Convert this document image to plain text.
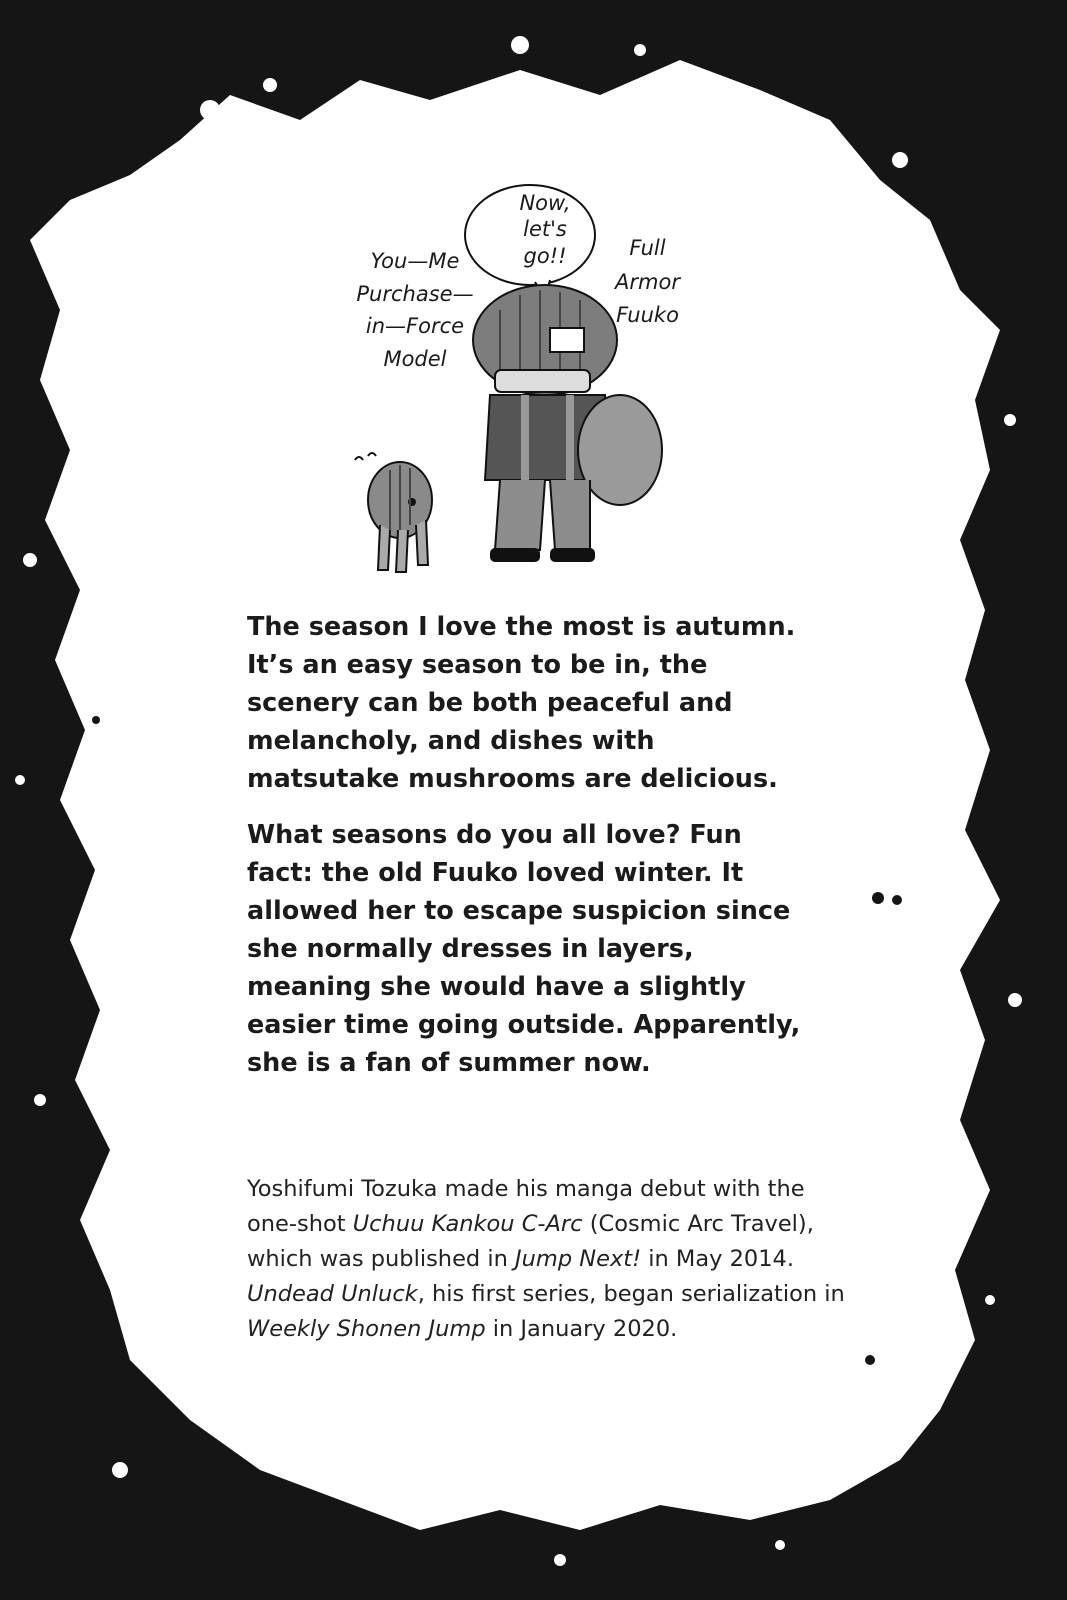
Now,
let's
go!!
You—Me
Purchase—
in—Force
Model
Full
Armor
Fuuko

The season I love the most is autumn. It’s an easy season to be in, the scenery can be both peaceful and melancholy, and dishes with matsutake mushrooms are delicious.

What seasons do you all love? Fun fact: the old Fuuko loved winter. It allowed her to escape suspicion since she normally dresses in layers, meaning she would have a slightly easier time going outside. Apparently, she is a fan of summer now.

Yoshifumi Tozuka made his manga debut with the one-shot Uchuu Kankou C-Arc (Cosmic Arc Travel), which was published in Jump Next! in May 2014. Undead Unluck, his first series, began serialization in Weekly Shonen Jump in January 2020.
